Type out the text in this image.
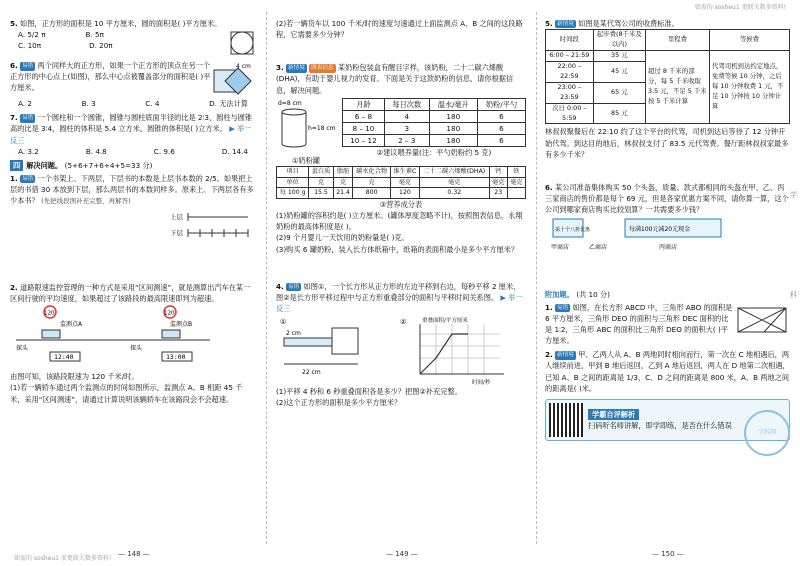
如需的 sosheu1 更联关数多资料!
如需的 sosheu1 多更联关数多资料!
5. 如图，正方形的面积是 10 平方厘米，圆的面积是( )平方厘米。
A. 5/2 π	B. 5π
C. 10π	D. 20π
6. 易错 两个同样大的正方形，如果一个正方形的顶点在另一个正方形的中心点上(如图)，那么中心点被覆盖部分的面积是( )平方厘米。
4 cm
A. 2	B. 3	C. 4	D. 无法计算
7. 易错 一个圆柱和一个圆锥，圆锥与圆柱底面半径的比是 2∶3，圆柱与圆锥高的比是 3∶4，圆柱的体积是 5.4 立方米，圆锥的体积是( )立方米。 ▶ 举一反三
A. 3.2	B. 4.8	C. 9.6	D. 14.4
四 解决问题。 (5+6+7+6+4+5=33 分)
1. 易错 一个书架上、下两层，下层书的本数是上层书本数的 2/5。如果把上层的书借 30 本放到下层，那么两层书的本数同样多。原来上、下两层各有多少本书？ (先把线段图补充完整，再解答)
上层
下层
2. 道路限速监控管理的一种方式是采用“区间测速”，就是测算出汽车在某一区间行驶的平均速度，如果超过了该路段的最高限速即判为超速。
120	120
监测点A	监测点B
探头	探头
12:40	13:00
由图可知，该路段限速为 120 千米/时。
(1)若一辆轿车通过两个监测点的时间如图所示，监测点 A、B 相距 45 千米，采用“区间测速”，请通过计算说明该辆轿车在该路段会不会超速。
(2)若一辆货车以 100 千米/时的速度匀速通过上面监测点 A、B 之间的这段路程，它需要多少分钟？
3. 新情境 图表信息 某奶粉包装盒有醒目字样，该奶粉，二十二碳六烯酸(DHA)，有助于婴儿视力的发育。下面是关于这款奶粉的信息，请你根据信息，解决问题。
d=8 cm
h=18 cm
①奶粉罐
月龄	每日次数	温水/毫升	奶粉/平勺
6 – 8	4	180	6
8 – 10	3	180	6
10 – 12	2 – 3	180	6
②建议喂养量(注：平勺奶粉约 5 克)
项目	蛋白质	脂肪	碳水化合物	维生素C	二十二碳六烯酸(DHA)	钙	铁
单位	克	克	克	毫克	毫克	毫克	毫克
每 100 g	15.5	21.4	800	120	0.32	23	
③营养成分表
(1)奶粉罐的容积约是( )立方厘米。(罐体厚度忽略不计)，按照图表信息，永翔奶粉的最高体积度是( )。
(2)9 个月婴儿一天饮用的奶粉量是( )克。
(3)购买 6 罐奶粉，装入长方体纸箱中，纸箱的表面积最小是多少平方厘米？
4. 易错 如图①，一个长方形从正方形的左边平移到右边，每秒平移 2 厘米，图②是长方形平移过程中与正方形重叠部分的面积与平移时间关系图。 ▶ 举一反三
①
2 cm
22 cm
②	重叠面积/平方厘米
时间/秒
(1)平移 4 秒和 6 秒重叠面积各是多少？把图②补充完整。
(2)这个正方形的面积是多少平方厘米？
5. 新情境 如图是某代驾公司的收费标准。
时间段	起步费(8千米及以内)	里程费	等候费
6:00 – 21:59	35 元	超过 8 千米的部分，每 5 千米收取 3.5 元，不足 5 千米按 5 千米计算	代驾司机到达约定地点，免费等候 10 分钟，之后每 10 分钟收费 1 元，不足 10 分钟按 10 分钟计算
22:00 – 22:59	45 元		
23:00 – 23:59	65 元		
次日 0:00 – 5:59	85 元		
林叔叔聚餐后在 22:10 约了这个平台的代驾，司机到达后等待了 12 分钟开始代驾。到达目的地后，林叔叔支付了 83.5 元代驾费。餐厅距林叔叔家最多有多少千米？
6. 某公司准备集体购买 50 个头盔，质量、款式都相同的头盔在甲、乙、丙三家商店的售价都是每个 69 元，但是各家优惠方案不同，请你算一算，这个公司到哪家商店购买比较划算？一共需要多少钱？
第十个八折优惠	每满100元减20元现金
甲商店	乙商店	丙商店
附加题。 (共 10 分)
1. 易错 如图，在长方形 ABCD 中，三角形 ABO 的面积是 6 平方厘米，三角形 DEO 的面积与三角形 DEC 面积的比是 1∶2，三角形 ABC 的面积比三角形 DEO 的面积大( )平方厘米。
2. 新情境 甲、乙两人从 A、B 两地同时相向而行，第一次在 C 地相遇后，两人继续前进，甲到 B 地后返回，乙到 A 地后返回，两人在 D 地第二次相遇，已知 A、B 之间的距离是 1/3，C、D 之间的距离是 800 米，A、B 两地之间的距离是( )米。
学霸自评解析
扫码听名师讲解，即学即练，是否在什么错误
学
科
学科网
— 148 —	— 149 —	— 150 —
